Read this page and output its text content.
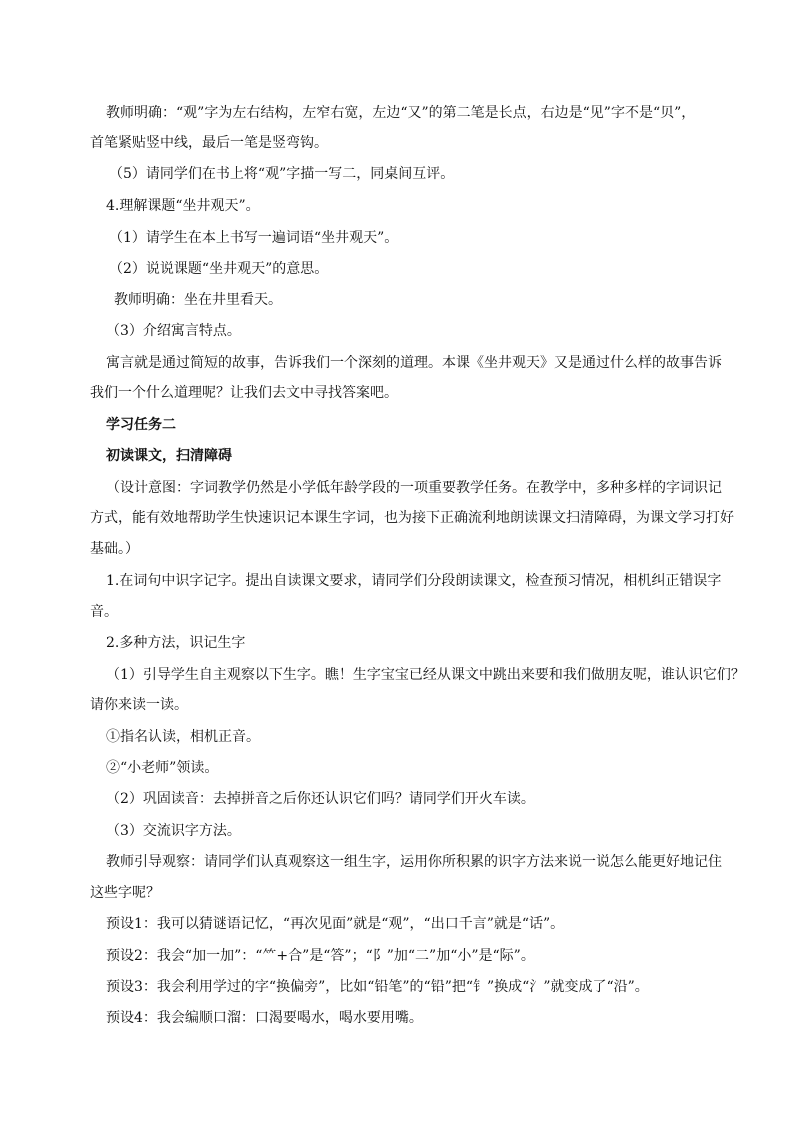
教师明确：“观”字为左右结构，左窄右宽，左边“又”的第二笔是长点，右边是“见”字不是“贝”，
首笔紧贴竖中线，最后一笔是竖弯钩。
（5）请同学们在书上将“观”字描一写二，同桌间互评。
4.理解课题“坐井观天”。
（1）请学生在本上书写一遍词语“坐井观天”。
（2）说说课题“坐井观天”的意思。
教师明确：坐在井里看天。
（3）介绍寓言特点。
寓言就是通过简短的故事，告诉我们一个深刻的道理。本课《坐井观天》又是通过什么样的故事告诉
我们一个什么道理呢？让我们去文中寻找答案吧。
学习任务二
初读课文，扫清障碍
（设计意图：字词教学仍然是小学低年龄学段的一项重要教学任务。在教学中，多种多样的字词识记
方式，能有效地帮助学生快速识记本课生字词，也为接下正确流利地朗读课文扫清障碍，为课文学习打好
基础。）
1.在词句中识字记字。提出自读课文要求，请同学们分段朗读课文，检查预习情况，相机纠正错误字
音。
2.多种方法，识记生字
（1）引导学生自主观察以下生字。瞧！生字宝宝已经从课文中跳出来要和我们做朋友呢，谁认识它们？
请你来读一读。
①指名认读，相机正音。
②“小老师”领读。
（2）巩固读音：去掉拼音之后你还认识它们吗？请同学们开火车读。
（3）交流识字方法。
教师引导观察：请同学们认真观察这一组生字，运用你所积累的识字方法来说一说怎么能更好地记住
这些字呢？
预设1：我可以猜谜语记忆，“再次见面”就是“观”，“出口千言”就是“话”。
预设2：我会“加一加”：“⺮+合”是“答”；“阝”加“二”加“小”是“际”。
预设3：我会利用学过的字“换偏旁”，比如“铅笔”的“铅”把“钅”换成“氵”就变成了“沿”。
预设4：我会编顺口溜：口渴要喝水，喝水要用嘴。
